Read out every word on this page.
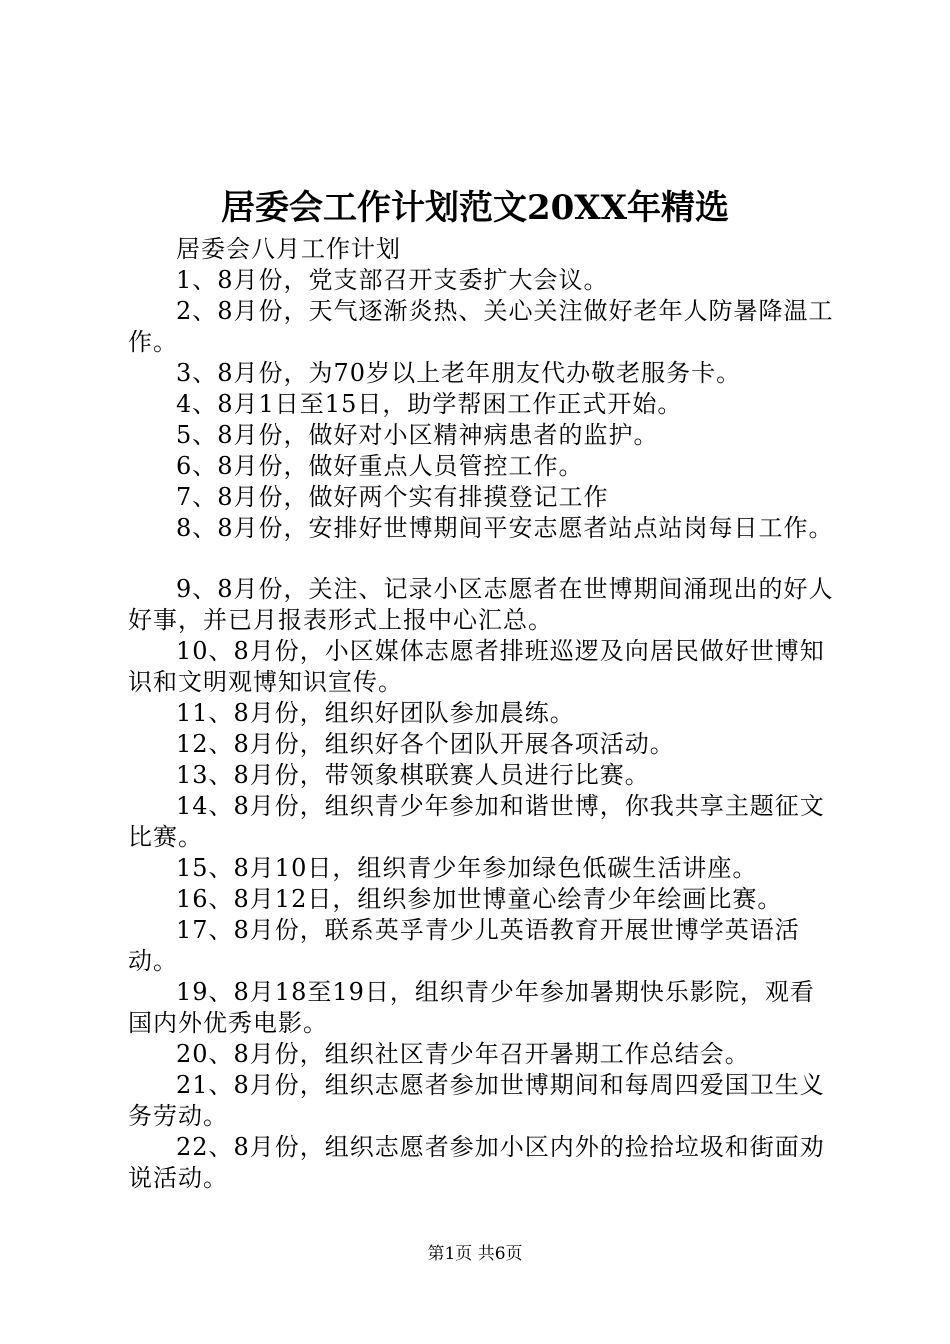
居委会工作计划范文20XX年精选

居委会八月工作计划

1、8月份，党支部召开支委扩大会议。

2、8月份，天气逐渐炎热、关心关注做好老年人防暑降温工作。

3、8月份，为70岁以上老年朋友代办敬老服务卡。

4、8月1日至15日，助学帮困工作正式开始。

5、8月份，做好对小区精神病患者的监护。

6、8月份，做好重点人员管控工作。

7、8月份，做好两个实有排摸登记工作

8、8月份，安排好世博期间平安志愿者站点站岗每日工作。

9、8月份，关注、记录小区志愿者在世博期间涌现出的好人好事，并已月报表形式上报中心汇总。

10、8月份，小区媒体志愿者排班巡逻及向居民做好世博知识和文明观博知识宣传。

11、8月份，组织好团队参加晨练。

12、8月份，组织好各个团队开展各项活动。

13、8月份，带领象棋联赛人员进行比赛。

14、8月份，组织青少年参加和谐世博，你我共享主题征文比赛。

15、8月10日，组织青少年参加绿色低碳生活讲座。

16、8月12日，组织参加世博童心绘青少年绘画比赛。

17、8月份，联系英孚青少儿英语教育开展世博学英语活动。

19、8月18至19日，组织青少年参加暑期快乐影院，观看国内外优秀电影。

20、8月份，组织社区青少年召开暑期工作总结会。

21、8月份，组织志愿者参加世博期间和每周四爱国卫生义务劳动。

22、8月份，组织志愿者参加小区内外的捡拾垃圾和街面劝说活动。

第1页 共6页
